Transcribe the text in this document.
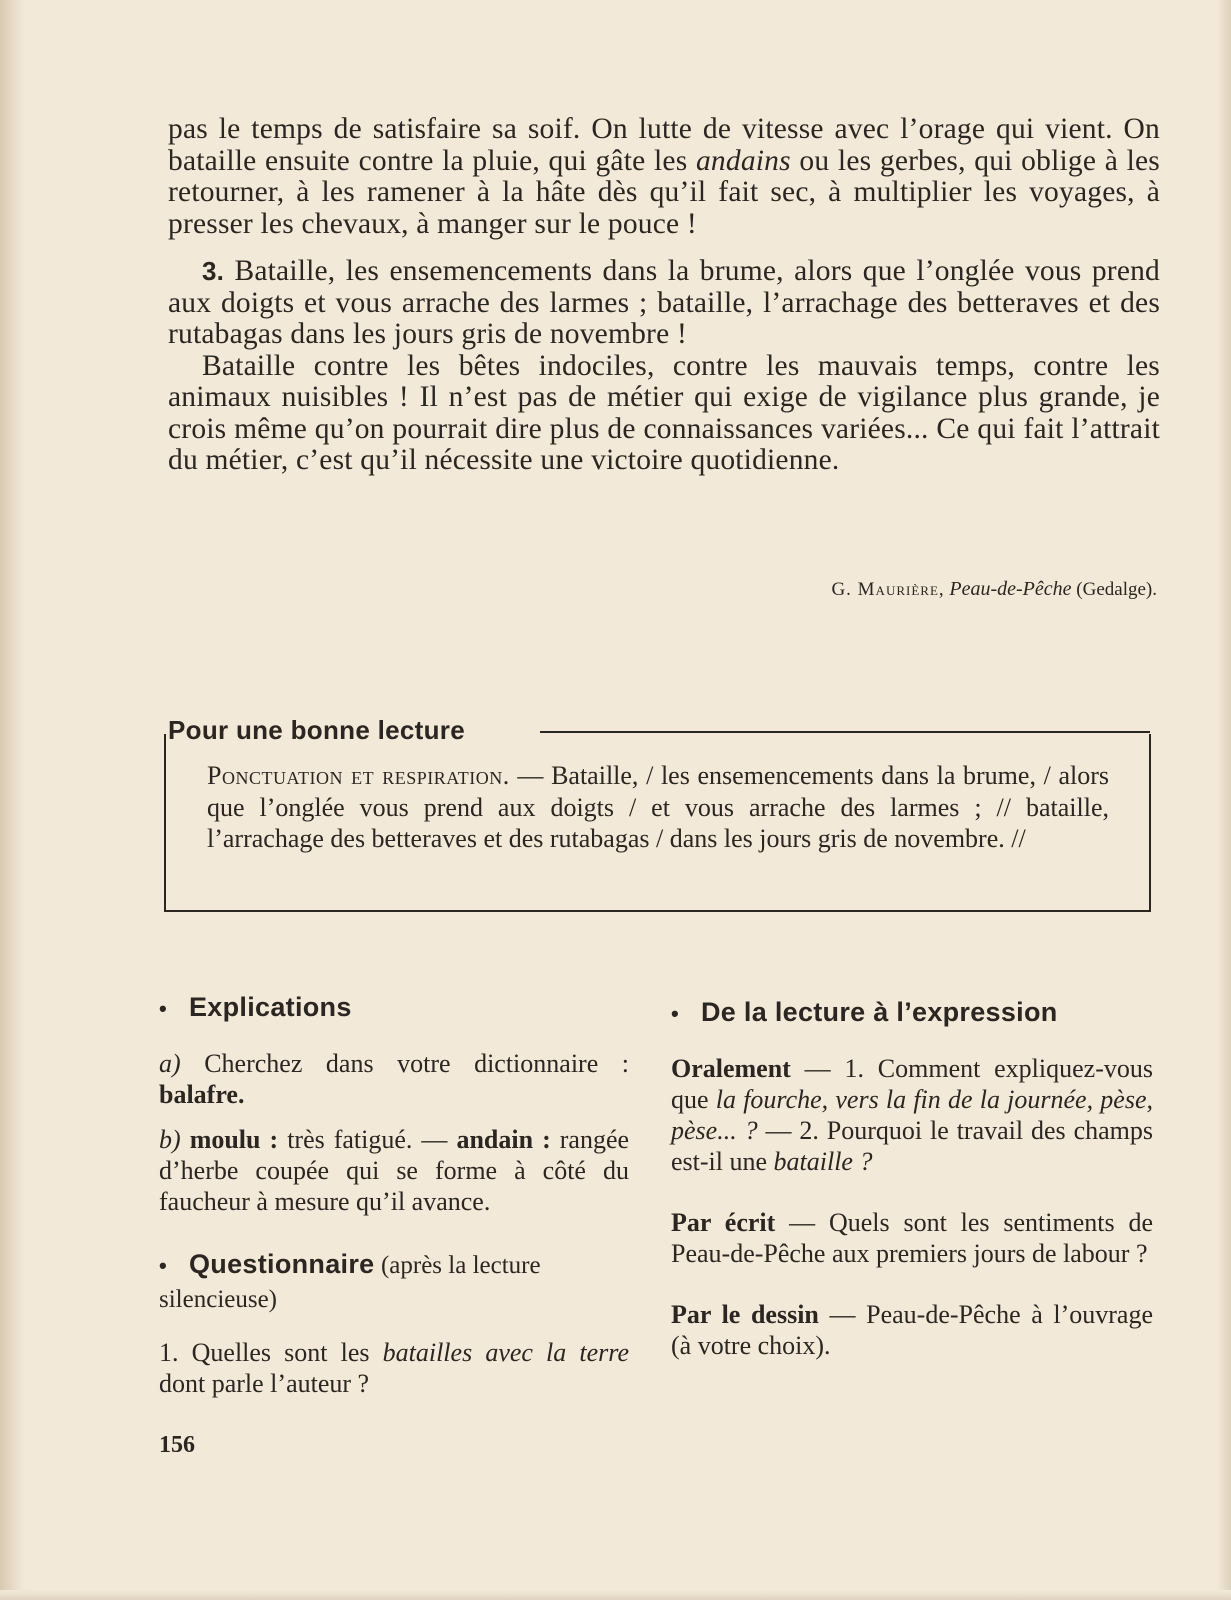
pas le temps de satisfaire sa soif. On lutte de vitesse avec l’orage qui vient. On bataille ensuite contre la pluie, qui gâte les andains ou les gerbes, qui oblige à les retourner, à les ramener à la hâte dès qu’il fait sec, à multiplier les voyages, à presser les chevaux, à manger sur le pouce !

3. Bataille, les ensemencements dans la brume, alors que l’onglée vous prend aux doigts et vous arrache des larmes ; bataille, l’arrachage des betteraves et des rutabagas dans les jours gris de novembre !

Bataille contre les bêtes indociles, contre les mauvais temps, contre les animaux nuisibles ! Il n’est pas de métier qui exige de vigilance plus grande, je crois même qu’on pourrait dire plus de connaissances variées... Ce qui fait l’attrait du métier, c’est qu’il nécessite une victoire quotidienne.

G. Maurière, Peau-de-Pêche (Gedalge).
Pour une bonne lecture
Ponctuation et respiration. — Bataille, / les ensemencements dans la brume, / alors que l’onglée vous prend aux doigts / et vous arrache des larmes ; // bataille, l’arrachage des betteraves et des rutabagas / dans les jours gris de novembre. //
• Explications

a) Cherchez dans votre dictionnaire : balafre.

b) moulu : très fatigué. — andain : rangée d’herbe coupée qui se forme à côté du faucheur à mesure qu’il avance.

• Questionnaire (après la lecture silencieuse)

1. Quelles sont les batailles avec la terre dont parle l’auteur ?

• De la lecture à l’expression

Oralement — 1. Comment expliquez-vous que la fourche, vers la fin de la journée, pèse, pèse... ? — 2. Pourquoi le travail des champs est-il une bataille ?

Par écrit — Quels sont les sentiments de Peau-de-Pêche aux premiers jours de labour ?

Par le dessin — Peau-de-Pêche à l’ouvrage (à votre choix).

156
